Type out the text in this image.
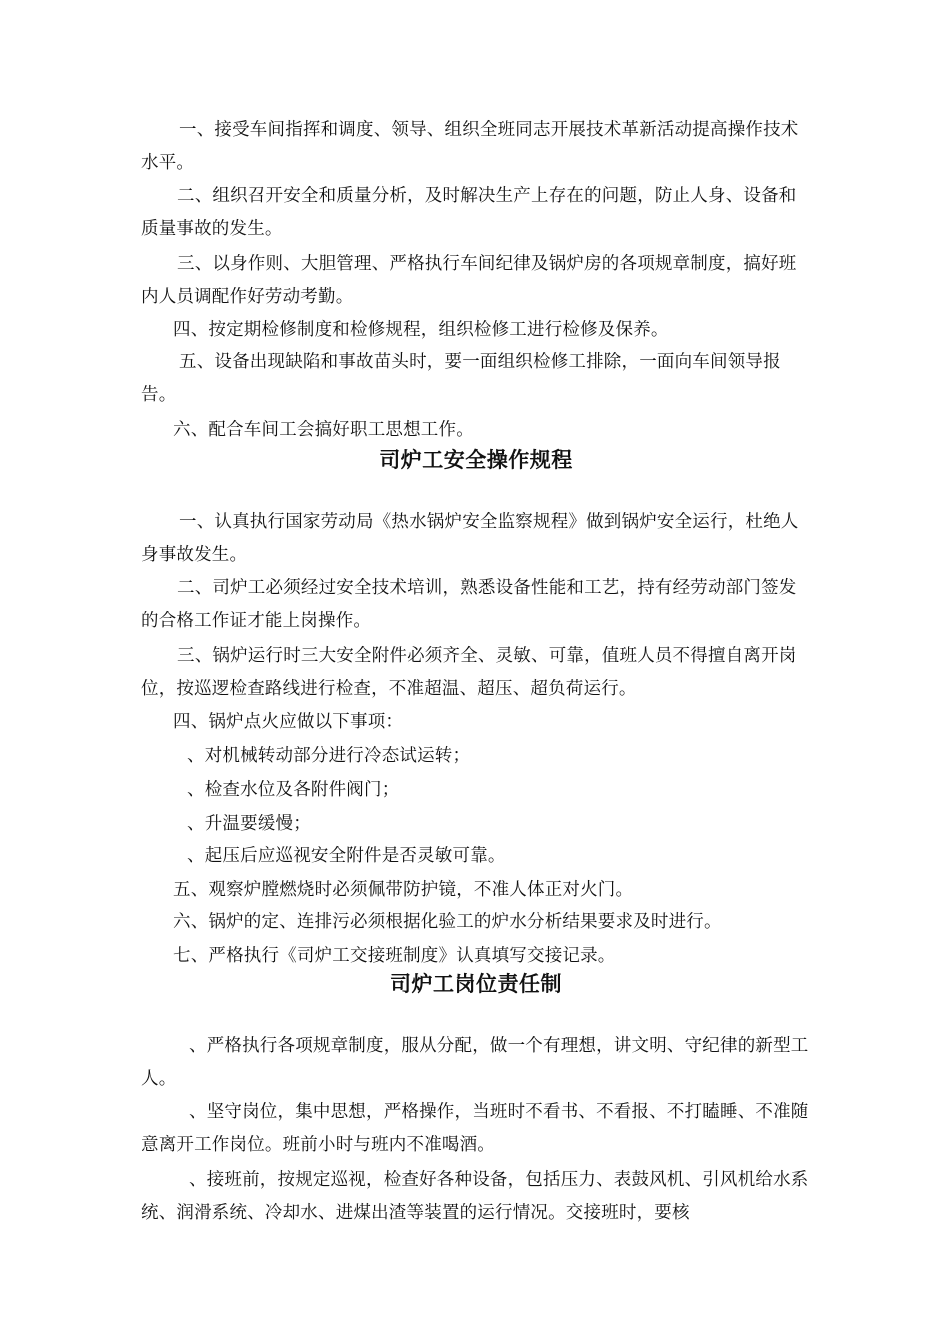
一、接受车间指挥和调度、领导、组织全班同志开展技术革新活动提高操作技术水平。

二、组织召开安全和质量分析，及时解决生产上存在的问题，防止人身、设备和质量事故的发生。

三、以身作则、大胆管理、严格执行车间纪律及锅炉房的各项规章制度，搞好班内人员调配作好劳动考勤。

四、按定期检修制度和检修规程，组织检修工进行检修及保养。

五、设备出现缺陷和事故苗头时，要一面组织检修工排除，一面向车间领导报告。

六、配合车间工会搞好职工思想工作。

司炉工安全操作规程

一、认真执行国家劳动局《热水锅炉安全监察规程》做到锅炉安全运行，杜绝人身事故发生。

二、司炉工必须经过安全技术培训，熟悉设备性能和工艺，持有经劳动部门签发的合格工作证才能上岗操作。

三、锅炉运行时三大安全附件必须齐全、灵敏、可靠，值班人员不得擅自离开岗位，按巡逻检查路线进行检查，不准超温、超压、超负荷运行。

四、锅炉点火应做以下事项：

、对机械转动部分进行冷态试运转；

、检查水位及各附件阀门；

、升温要缓慢；

、起压后应巡视安全附件是否灵敏可靠。

五、观察炉膛燃烧时必须佩带防护镜，不准人体正对火门。

六、锅炉的定、连排污必须根据化验工的炉水分析结果要求及时进行。

七、严格执行《司炉工交接班制度》认真填写交接记录。

司炉工岗位责任制

、严格执行各项规章制度，服从分配，做一个有理想，讲文明、守纪律的新型工人。

、坚守岗位，集中思想，严格操作，当班时不看书、不看报、不打瞌睡、不准随意离开工作岗位。班前小时与班内不准喝酒。

、接班前，按规定巡视，检查好各种设备，包括压力、表鼓风机、引风机给水系统、润滑系统、冷却水、进煤出渣等装置的运行情况。交接班时，要核
